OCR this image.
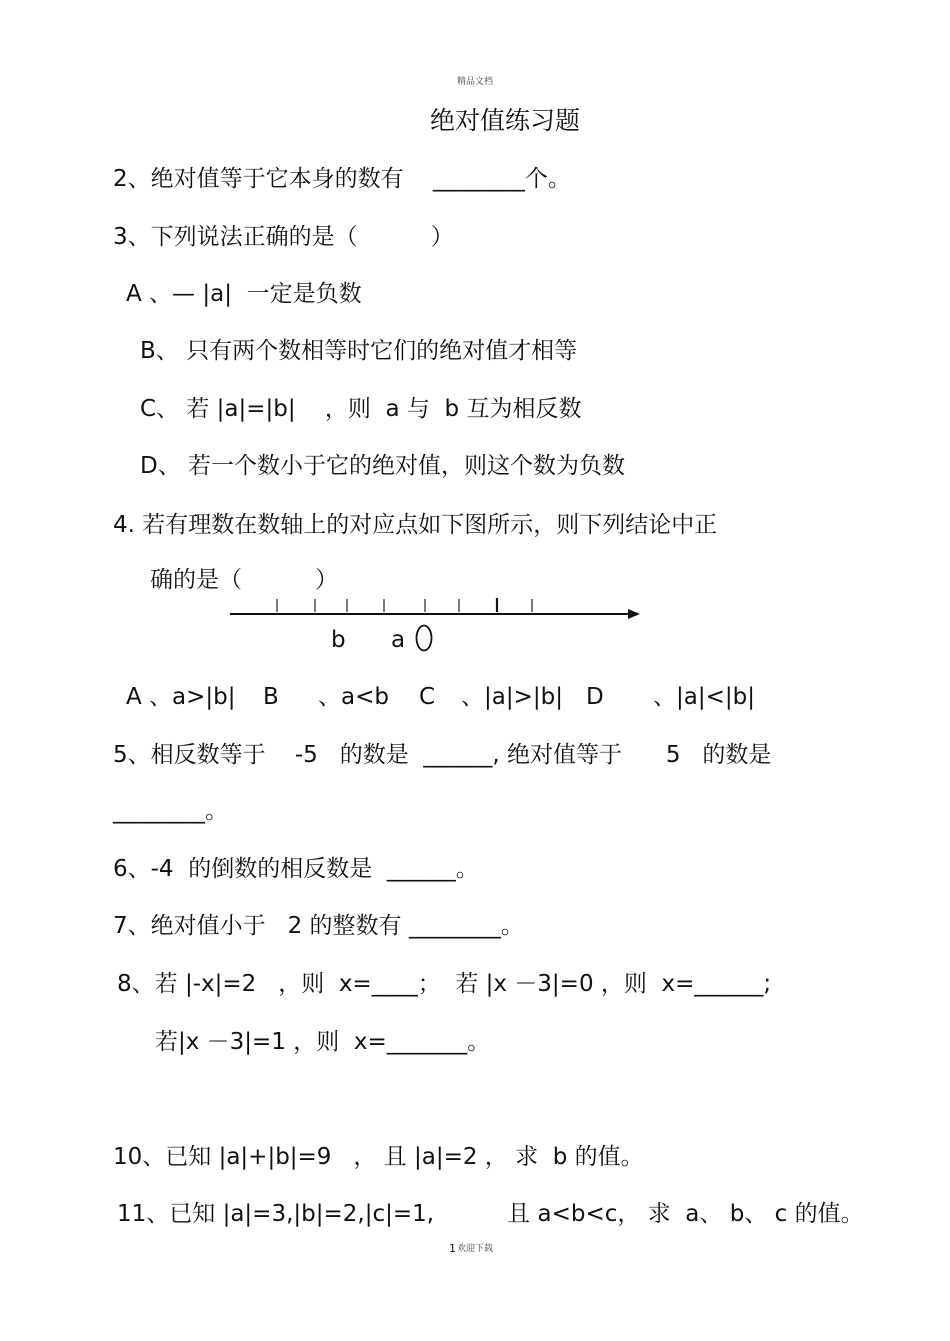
精品文档
绝对值练习题
2、绝对值等于它本身的数有    ________个。
3、下列说法正确的是（          ）
A 、— |a|  一定是负数
B、 只有两个数相等时它们的绝对值才相等
C、 若 |a|=|b|    ，则  a 与  b 互为相反数
D、 若一个数小于它的绝对值，则这个数为负数
4. 若有理数在数轴上的对应点如下图所示，则下列结论中正
确的是（          ）
b a
A 、a>|b| B 、a<b C 、|a|>|b| D 、|a|<|b|
5、相反数等于    -5   的数是  ______, 绝对值等于      5   的数是
________。
6、-4  的倒数的相反数是  ______。
7、绝对值小于   2 的整数有 ________。
8、若 |-x|=2   ，则  x=____；  若 |x －3|=0 ，则  x=______;
若|x －3|=1 ，则  x=_______。
10、已知 |a|+|b|=9   ， 且 |a|=2 ， 求  b 的值。
11、已知 |a|=3,|b|=2,|c|=1,          且 a<b<c， 求  a、 b、 c 的值。
1 欢迎下载
